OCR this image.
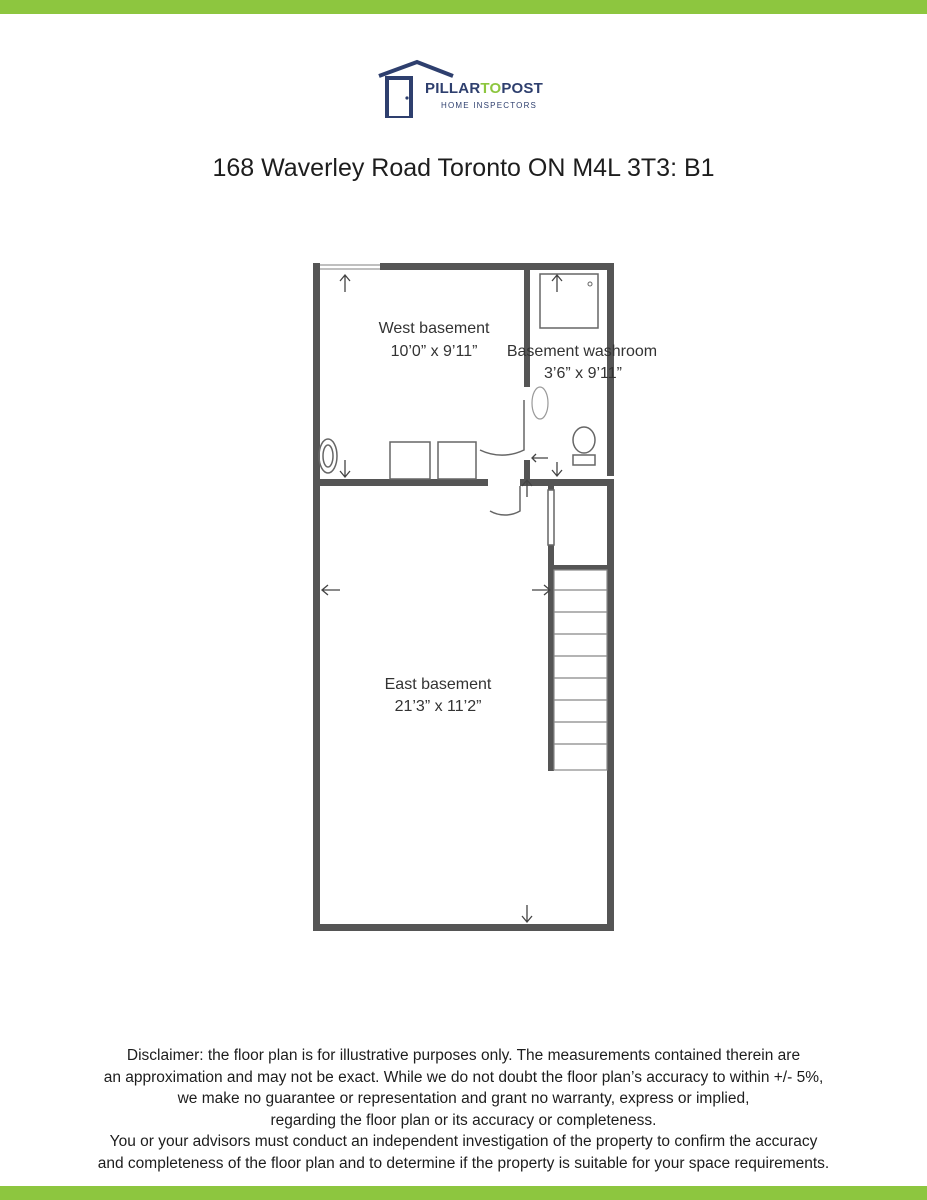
PILLARTOPOST
HOME INSPECTORS
168 Waverley Road Toronto ON M4L 3T3: B1
West basement
10’0” x 9’11” Basement washroom
3’6” x 9’11”
East basement
21’3” x 11’2”
Disclaimer: the floor plan is for illustrative purposes only. The measurements contained therein are
an approximation and may not be exact. While we do not doubt the floor plan’s accuracy to within +/- 5%,
we make no guarantee or representation and grant no warranty, express or implied,
regarding the floor plan or its accuracy or completeness.
You or your advisors must conduct an independent investigation of the property to confirm the accuracy
and completeness of the floor plan and to determine if the property is suitable for your space requirements.
